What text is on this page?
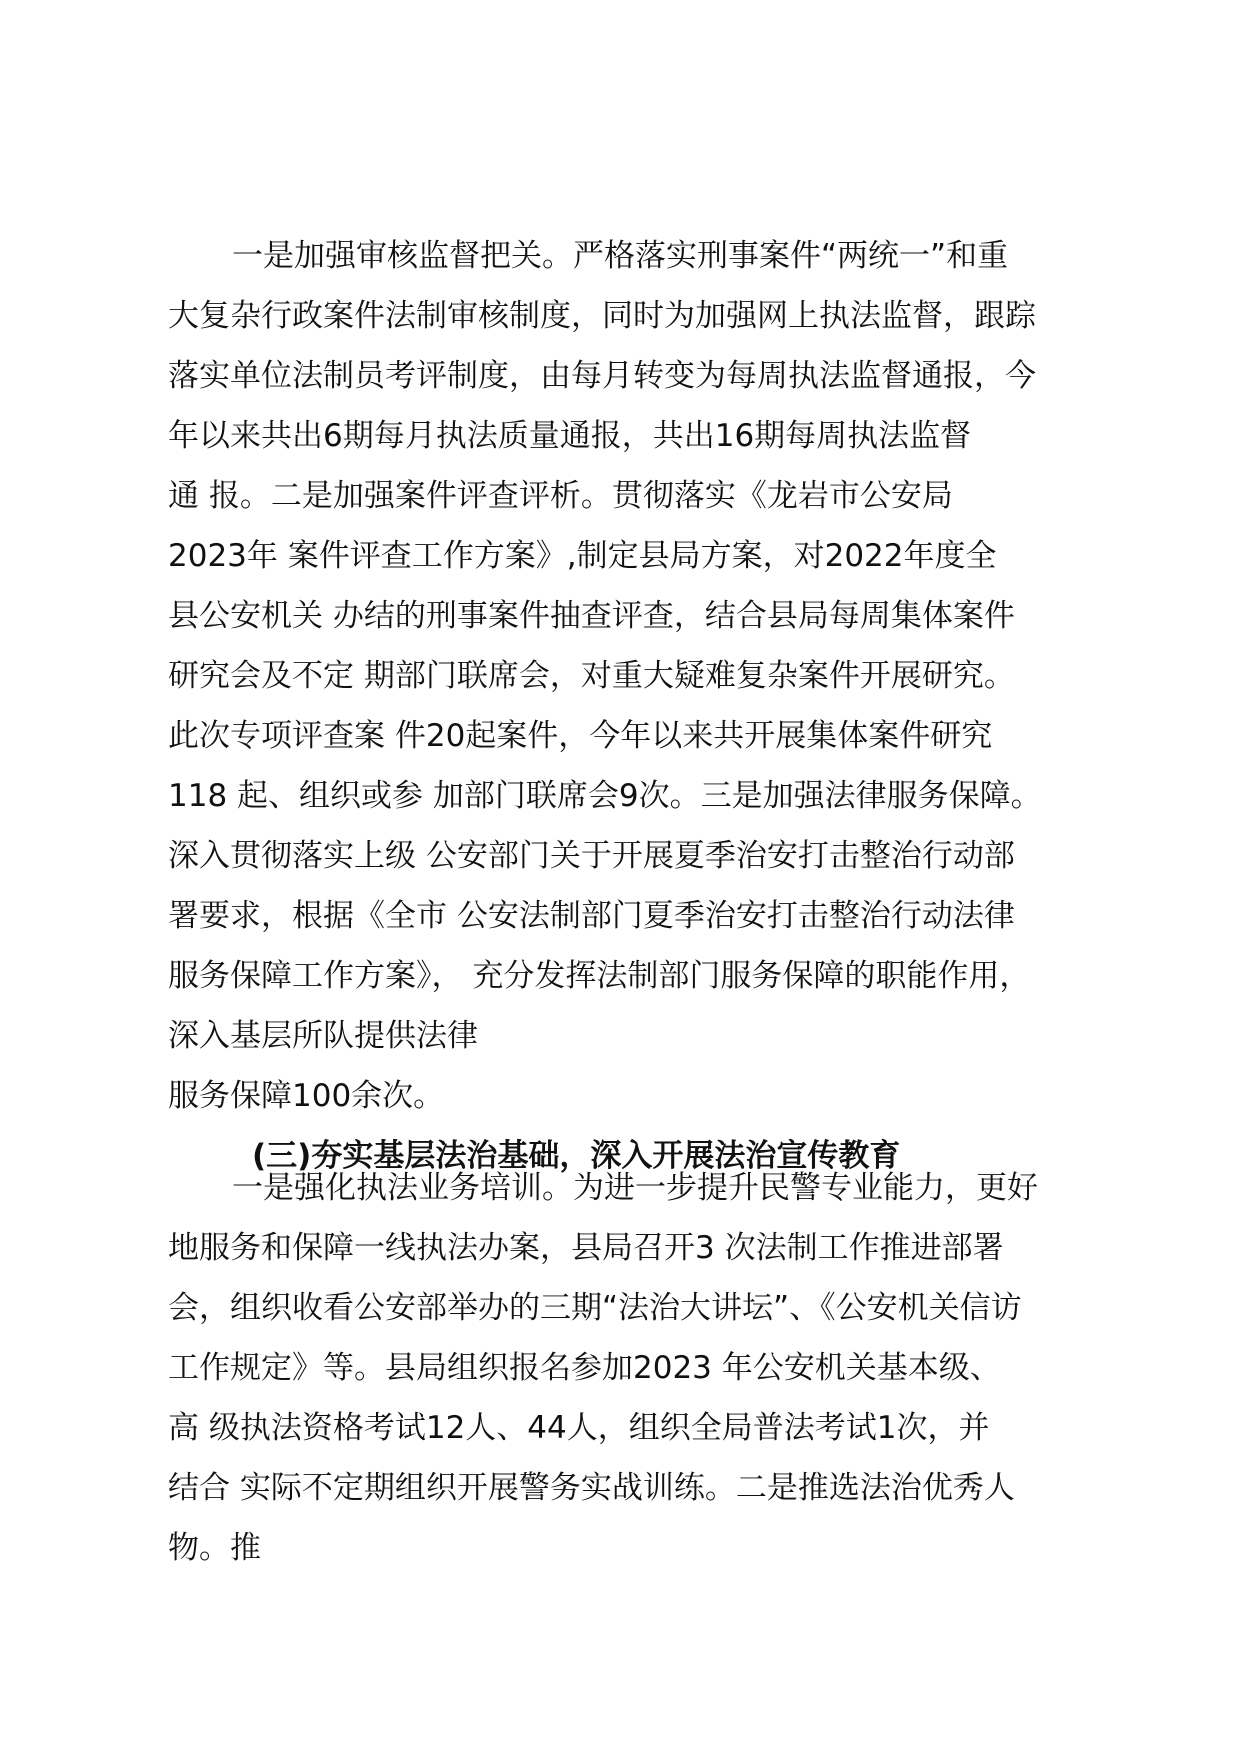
一是加强审核监督把关。严格落实刑事案件“两统一”和重
大复杂行政案件法制审核制度，同时为加强网上执法监督，跟踪
落实单位法制员考评制度，由每月转变为每周执法监督通报，今
年以来共出6期每月执法质量通报，共出16期每周执法监督
通 报。二是加强案件评查评析。贯彻落实《龙岩市公安局
2023年 案件评查工作方案》,制定县局方案，对2022年度全
县公安机关 办结的刑事案件抽查评查，结合县局每周集体案件
研究会及不定 期部门联席会，对重大疑难复杂案件开展研究。
此次专项评查案 件20起案件，今年以来共开展集体案件研究
118 起、组织或参 加部门联席会9次。三是加强法律服务保障。
深入贯彻落实上级 公安部门关于开展夏季治安打击整治行动部
署要求，根据《全市 公安法制部门夏季治安打击整治行动法律
服务保障工作方案》， 充分发挥法制部门服务保障的职能作用，
深入基层所队提供法律
服务保障100余次。
(三)夯实基层法治基础，深入开展法治宣传教育
一是强化执法业务培训。为进一步提升民警专业能力，更好
地服务和保障一线执法办案，县局召开3 次法制工作推进部署
会，组织收看公安部举办的三期“法治大讲坛”、《公安机关信访
工作规定》等。县局组织报名参加2023 年公安机关基本级、
高 级执法资格考试12人、44人，组织全局普法考试1次，并
结合 实际不定期组织开展警务实战训练。二是推选法治优秀人
物。推
